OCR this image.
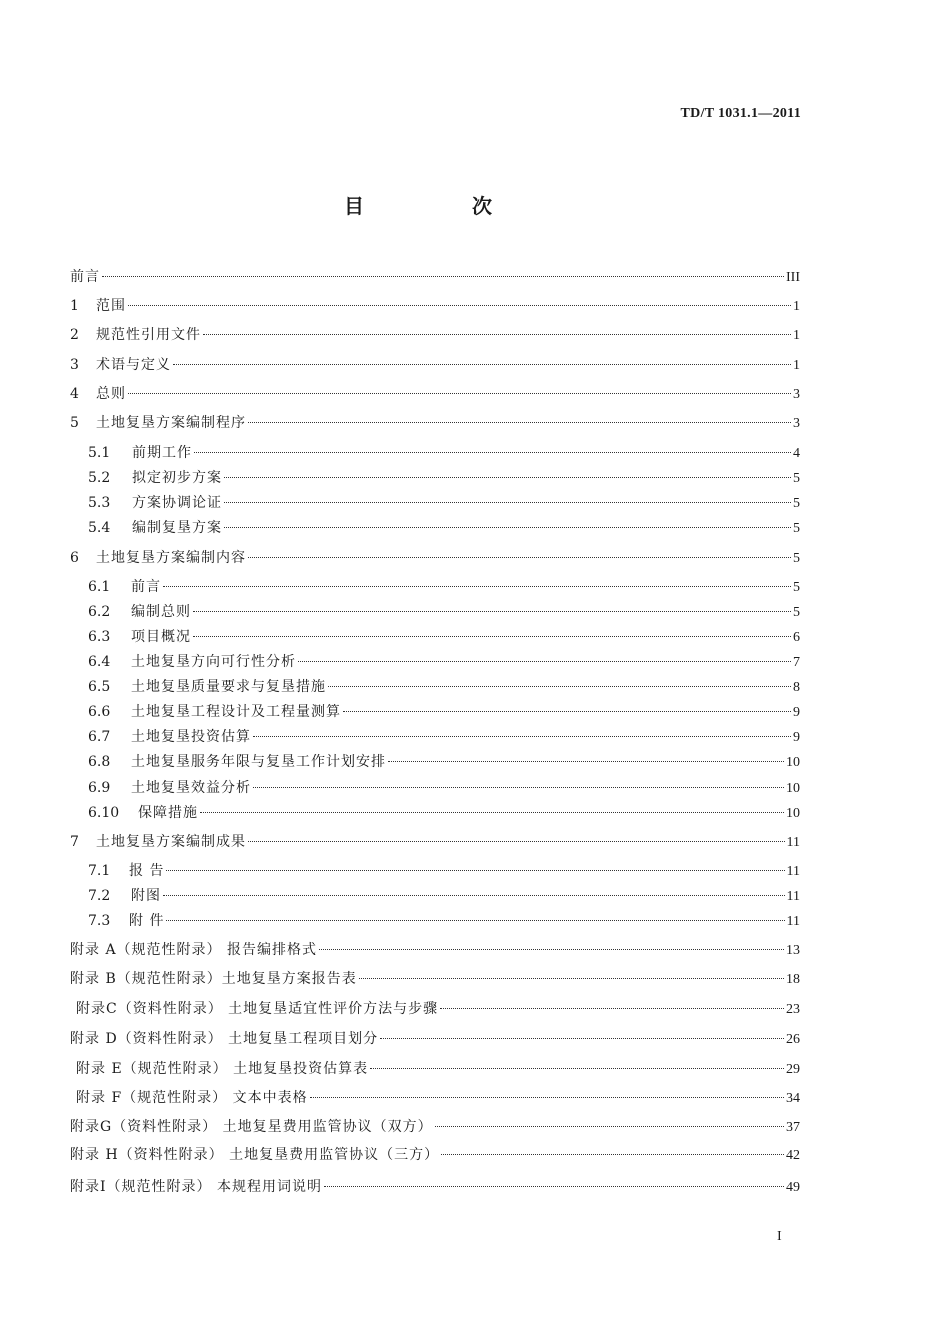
TD/T 1031.1—2011
目　次
前言	III
1	范围	1
2	规范性引用文件	1
3	术语与定义	1
4	总则	3
5	土地复垦方案编制程序	3
5.1	前期工作	4
5.2	拟定初步方案	5
5.3	方案协调论证	5
5.4	编制复垦方案	5
6	土地复垦方案编制内容	5
6.1	前言	5
6.2	编制总则	5
6.3	项目概况	6
6.4	土地复垦方向可行性分析	7
6.5	土地复垦质量要求与复垦措施	8
6.6	土地复垦工程设计及工程量测算	9
6.7	土地复垦投资估算	9
6.8	土地复垦服务年限与复垦工作计划安排	10
6.9	土地复垦效益分析	10
6.10	保障措施	10
7	土地复垦方案编制成果	11
7.1	报 告	11
7.2	附图	11
7.3	附 件	11
附录 A（规范性附录） 报告编排格式	13
附录 B（规范性附录）土地复垦方案报告表	18
附录C（资料性附录） 土地复垦适宜性评价方法与步骤	23
附录 D（资料性附录） 土地复垦工程项目划分	26
附录 E（规范性附录） 土地复垦投资估算表	29
附录 F（规范性附录） 文本中表格	34
附录G（资料性附录） 土地复星费用监管协议（双方）	37
附录 H（资料性附录） 土地复垦费用监管协议（三方）	42
附录I（规范性附录） 本规程用词说明	49
I
